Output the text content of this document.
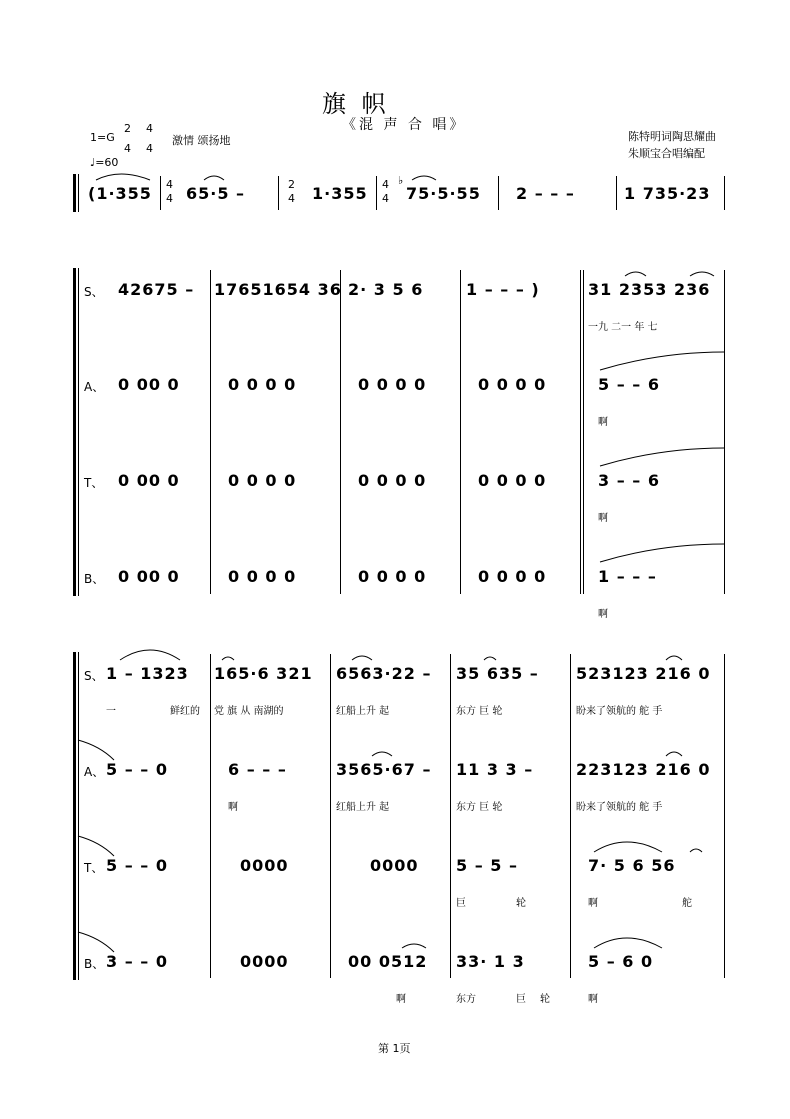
旗 帜
《混 声 合 唱》
1=G
2
4
4
4
激情 颂扬地
♩=60
陈特明词陶思耀曲
朱顺宝合唱编配
(1·355 4
4 65·5 –	2
4 1·355 4
4
♭
75·5·55 2 – – –	1 735·23
S、 42675 – 17651654 36 2· 3 5 6	1 – – – )	31 2353 236
一九 二一 年 七
A、 0 00 0	0 0 0 0	0 0 0 0	0 0 0 0	5 – – 6
啊
T、 0 00 0	0 0 0 0	0 0 0 0	0 0 0 0	3 – – 6
啊
B、 0 00 0	0 0 0 0	0 0 0 0	0 0 0 0	1 – – –
啊
S、 1 – 1323 165·6 321 6563·22 – 35 635 – 523123 216 0
一	鲜红的 党 旗 从 南湖的	红船上升 起	东方 巨 轮	盼来了领航的 舵 手
A、 5 – – 0	6 – – –	3565·67 – 11 3 3 –	223123 216 0
啊	红船上升 起	东方 巨 轮	盼来了领航的 舵 手
T、 5 – – 0	0000	0000 5 – 5 –	7· 5 6 56
巨	轮	啊	舵
B、 3 – – 0	0000	00 0512 33· 1 3	5 – 6 0
啊	东方	巨 轮	啊
第 1页
